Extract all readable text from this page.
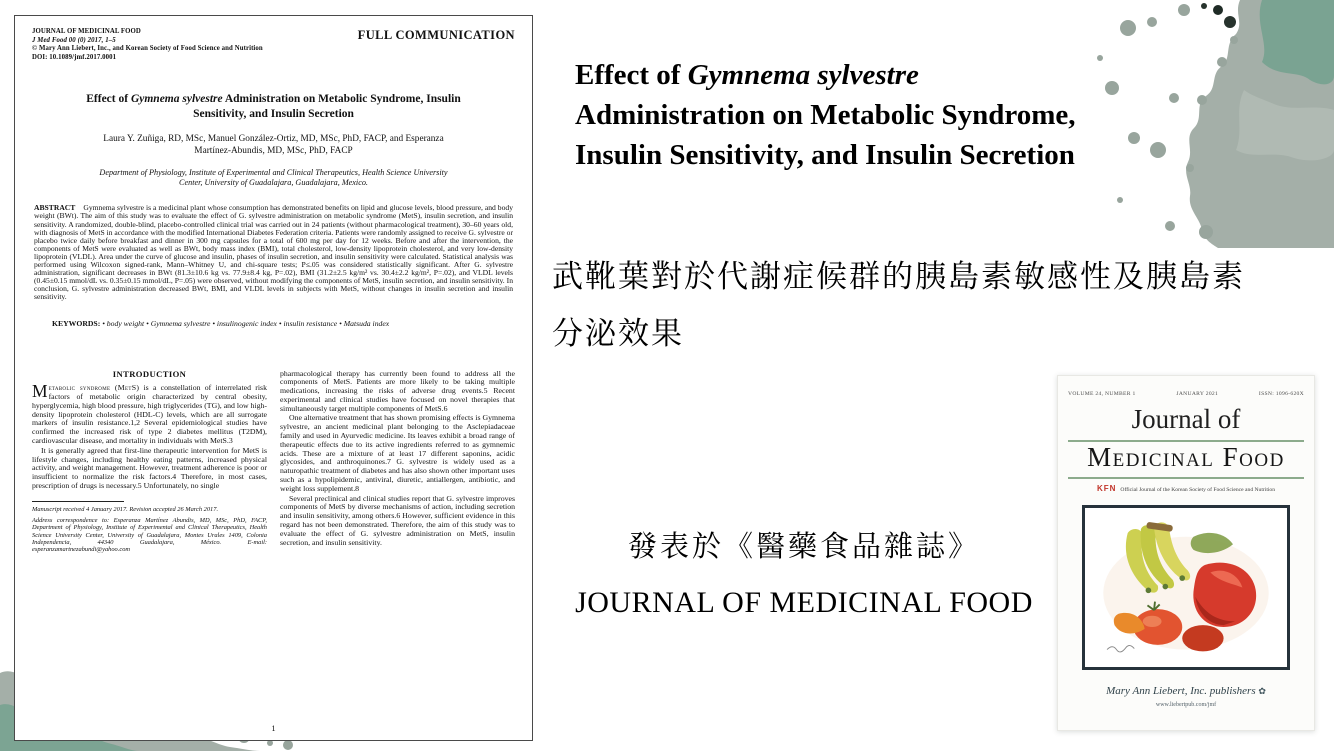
JOURNAL OF MEDICINAL FOOD
J Med Food 00 (0) 2017, 1–5
© Mary Ann Liebert, Inc., and Korean Society of Food Science and Nutrition
DOI: 10.1089/jmf.2017.0001
FULL COMMUNICATION
Effect of Gymnema sylvestre Administration on Metabolic Syndrome, Insulin Sensitivity, and Insulin Secretion

Laura Y. Zuñiga, RD, MSc, Manuel González-Ortiz, MD, MSc, PhD, FACP, and Esperanza Martínez-Abundis, MD, MSc, PhD, FACP

Department of Physiology, Institute of Experimental and Clinical Therapeutics, Health Science University Center, University of Guadalajara, Guadalajara, Mexico.

ABSTRACT Gymnema sylvestre is a medicinal plant whose consumption has demonstrated benefits on lipid and glucose levels, blood pressure, and body weight (BWt). The aim of this study was to evaluate the effect of G. sylvestre administration on metabolic syndrome (MetS), insulin secretion, and insulin sensitivity. A randomized, double-blind, placebo-controlled clinical trial was carried out in 24 patients (without pharmacological treatment), 30–60 years old, with diagnosis of MetS in accordance with the modified International Diabetes Federation criteria. Patients were randomly assigned to receive G. sylvestre or placebo twice daily before breakfast and dinner in 300 mg capsules for a total of 600 mg per day for 12 weeks. Before and after the intervention, the components of MetS were evaluated as well as BWt, body mass index (BMI), total cholesterol, low-density lipoprotein cholesterol, and very low-density lipoprotein (VLDL). Area under the curve of glucose and insulin, phases of insulin secretion, and insulin sensitivity were calculated. Statistical analysis was performed using Wilcoxon signed-rank, Mann–Whitney U, and chi-square tests; P≤.05 was considered statistically significant. After G. sylvestre administration, significant decreases in BWt (81.3±10.6 kg vs. 77.9±8.4 kg, P=.02), BMI (31.2±2.5 kg/m² vs. 30.4±2.2 kg/m², P=.02), and VLDL levels (0.45±0.15 mmol/dL vs. 0.35±0.15 mmol/dL, P=.05) were observed, without modifying the components of MetS, insulin secretion, and insulin sensitivity. In conclusion, G. sylvestre administration decreased BWt, BMI, and VLDL levels in subjects with MetS, without changes in insulin secretion and insulin sensitivity.

KEYWORDS: • body weight • Gymnema sylvestre • insulinogenic index • insulin resistance • Matsuda index

INTRODUCTION

Metabolic syndrome (MetS) is a constellation of interrelated risk factors of metabolic origin characterized by central obesity, hyperglycemia, high blood pressure, high triglycerides (TG), and low high-density lipoprotein cholesterol (HDL-C) levels, which are all surrogate markers of insulin resistance.1,2 Several epidemiological studies have confirmed the increased risk of type 2 diabetes mellitus (T2DM), cardiovascular disease, and mortality in individuals with MetS.3

It is generally agreed that first-line therapeutic intervention for MetS is lifestyle changes, including healthy eating patterns, increased physical activity, and weight management. However, treatment adherence is poor or insufficient to normalize the risk factors.4 Therefore, in most cases, prescription of drugs is necessary.5 Unfortunately, no single

Manuscript received 4 January 2017. Revision accepted 26 March 2017.

Address correspondence to: Esperanza Martínez Abundis, MD, MSc, PhD, FACP, Department of Physiology, Institute of Experimental and Clinical Therapeutics, Health Science University Center, University of Guadalajara, Montes Urales 1409, Colonia Independencia, 44340 Guadalajara, México. E-mail: esperanzamartnezabundi@yahoo.com

pharmacological therapy has currently been found to address all the components of MetS. Patients are more likely to be taking multiple medications, increasing the risks of adverse drug events.5 Recent experimental and clinical studies have focused on novel therapies that simultaneously target multiple components of MetS.6

One alternative treatment that has shown promising effects is Gymnema sylvestre, an ancient medicinal plant belonging to the Asclepiadaceae family and used in Ayurvedic medicine. Its leaves exhibit a broad range of therapeutic effects due to its active ingredients referred to as gymnemic acids. These are a mixture of at least 17 different saponins, acidic glycosides, and anthroquinones.7 G. sylvestre is widely used as a naturopathic treatment of diabetes and has also shown other important uses such as a hypolipidemic, antiviral, diuretic, antiallergen, antibiotic, and weight loss supplement.8

Several preclinical and clinical studies report that G. sylvestre improves components of MetS by diverse mechanisms of action, including secretion and insulin sensitivity, among others.6 However, sufficient evidence in this regard has not been demonstrated. Therefore, the aim of this study was to evaluate the effect of G. sylvestre administration on MetS, insulin secretion, and insulin sensitivity.

1
Effect of Gymnema sylvestre Administration on Metabolic Syndrome, Insulin Sensitivity, and Insulin Secretion
武靴葉對於代謝症候群的胰島素敏感性及胰島素
分泌效果
發表於《醫藥食品雜誌》
JOURNAL OF MEDICINAL FOOD
VOLUME 24, NUMBER 1	JANUARY 2021	ISSN: 1096-620X
Journal of
Medicinal Food
KFN Official Journal of the Korean Society of Food Science and Nutrition
Mary Ann Liebert, Inc. publishers ✿
www.liebertpub.com/jmf
